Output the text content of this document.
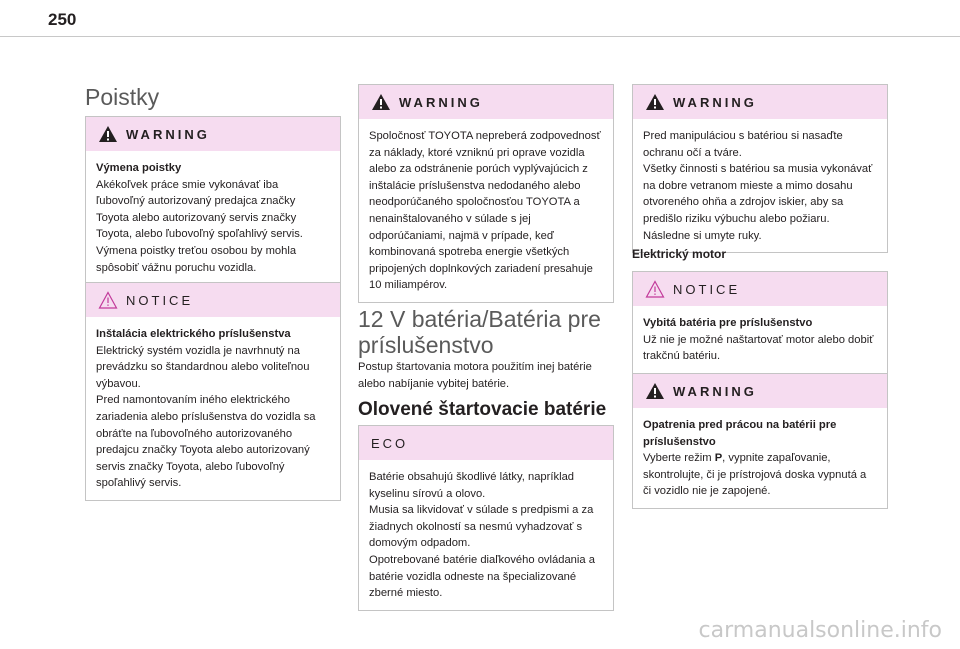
250
Poistky
WARNING

Výmena poistky

Akékoľvek práce smie vykonávať iba ľubovoľný autorizovaný predajca značky Toyota alebo autorizovaný servis značky Toyota, alebo ľubovoľný spoľahlivý servis. Výmena poistky treťou osobou by mohla spôsobiť vážnu poruchu vozidla.

NOTICE

Inštalácia elektrického príslušenstva

Elektrický systém vozidla je navrhnutý na prevádzku so štandardnou alebo voliteľnou výbavou.

Pred namontovaním iného elektrického zariadenia alebo príslušenstva do vozidla sa obráťte na ľubovoľného autorizovaného predajcu značky Toyota alebo autorizovaný servis značky Toyota, alebo ľubovoľný spoľahlivý servis.

WARNING

Spoločnosť TOYOTA nepreberá zodpovednosť za náklady, ktoré vzniknú pri oprave vozidla alebo za odstránenie porúch vyplývajúcich z inštalácie príslušenstva nedodaného alebo neodporúčaného spoločnosťou TOYOTA a nenainštalovaného v súlade s jej odporúčaniami, najmä v prípade, keď kombinovaná spotreba energie všetkých pripojených doplnkových zariadení presahuje 10 miliampérov.

12 V batéria/Batéria pre príslušenstvo
Postup štartovania motora použitím inej batérie alebo nabíjanie vybitej batérie.
Olovené štartovacie batérie
ECO

Batérie obsahujú škodlivé látky, napríklad kyselinu sírovú a olovo.

Musia sa likvidovať v súlade s predpismi a za žiadnych okolností sa nesmú vyhadzovať s domovým odpadom.

Opotrebované batérie diaľkového ovládania a batérie vozidla odneste na špecializované zberné miesto.

WARNING

Pred manipuláciou s batériou si nasaďte ochranu očí a tváre.

Všetky činnosti s batériou sa musia vykonávať na dobre vetranom mieste a mimo dosahu otvoreného ohňa a zdrojov iskier, aby sa predišlo riziku výbuchu alebo požiaru.

Následne si umyte ruky.

Elektrický motor
NOTICE

Vybitá batéria pre príslušenstvo

Už nie je možné naštartovať motor alebo dobiť trakčnú batériu.

WARNING

Opatrenia pred prácou na batérii pre príslušenstvo

Vyberte režim P, vypnite zapaľovanie, skontrolujte, či je prístrojová doska vypnutá a či vozidlo nie je zapojené.

carmanualsonline.info
